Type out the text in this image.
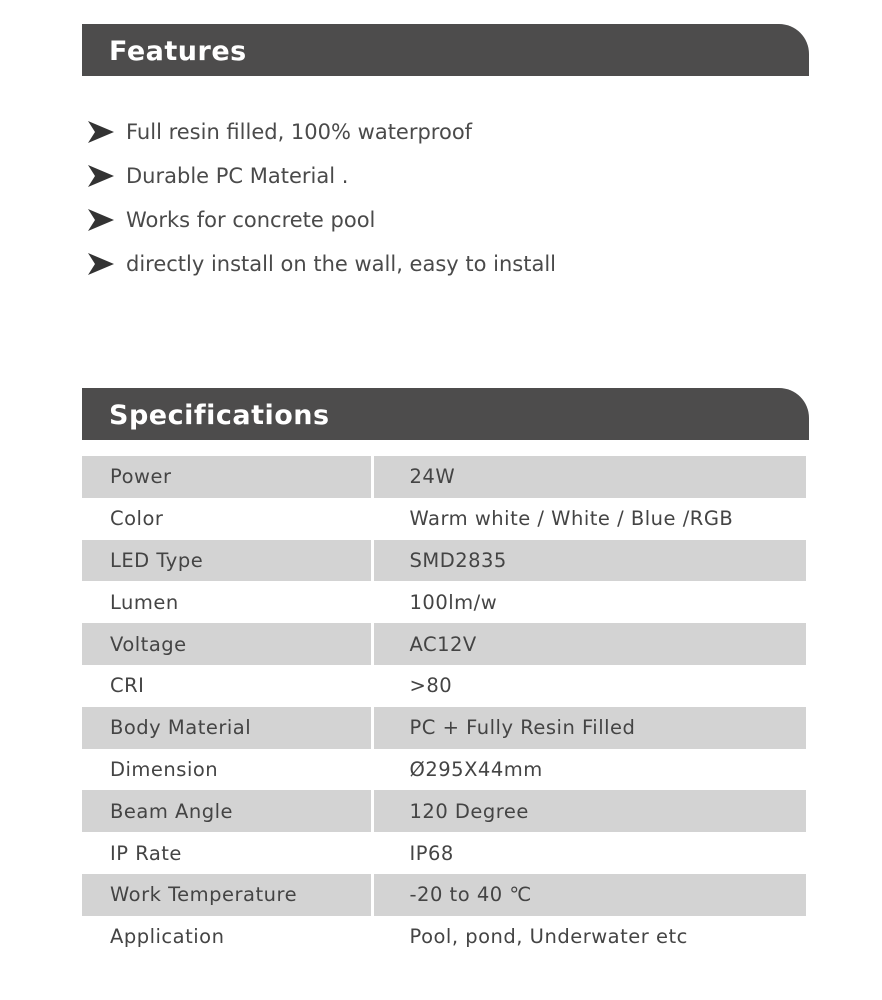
Features
Full resin filled, 100% waterproof
Durable PC Material .
Works for concrete pool
directly install on the wall, easy to install
Specifications
Power	24W
Color	Warm white / White / Blue /RGB
LED Type	SMD2835
Lumen	100lm/w
Voltage	AC12V
CRI	>80
Body Material	PC + Fully Resin Filled
Dimension	Ø295X44mm
Beam Angle	120 Degree
IP Rate	IP68
Work Temperature	-20 to 40 ℃
Application	Pool, pond, Underwater etc
